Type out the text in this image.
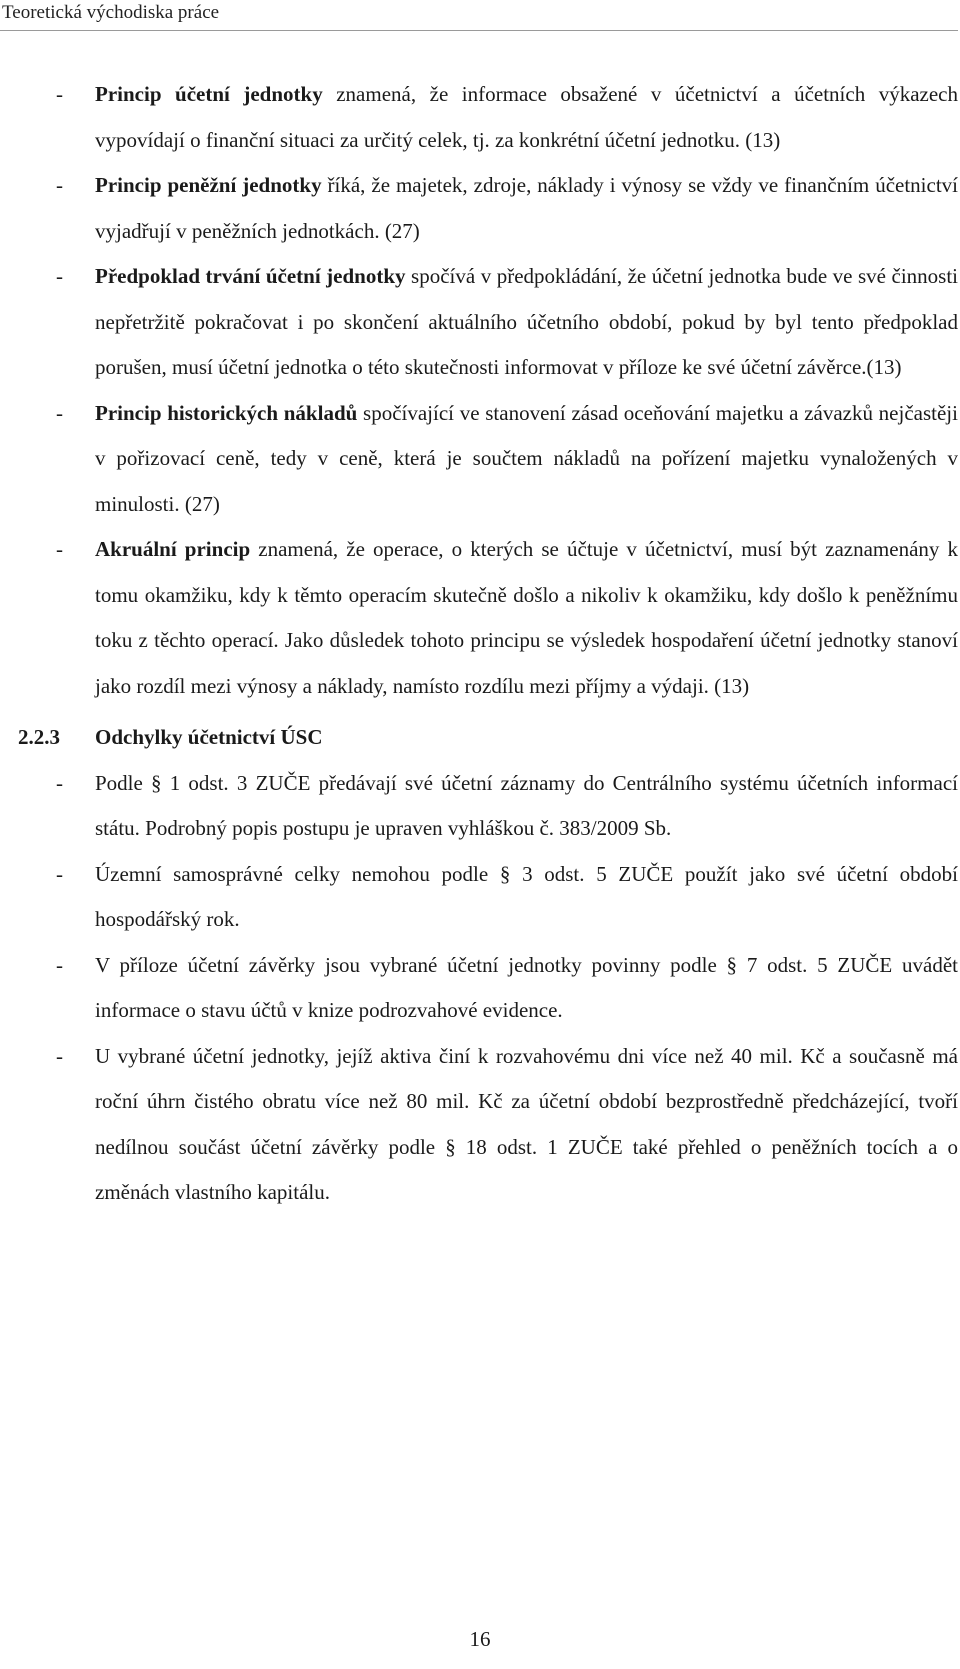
Teoretická východiska práce
- Princip účetní jednotky znamená, že informace obsažené v účetnictví a účetních výkazech vypovídají o finanční situaci za určitý celek, tj. za konkrétní účetní jednotku. (13)
- Princip peněžní jednotky říká, že majetek, zdroje, náklady i výnosy se vždy ve finančním účetnictví vyjadřují v peněžních jednotkách. (27)
- Předpoklad trvání účetní jednotky spočívá v předpokládání, že účetní jednotka bude ve své činnosti nepřetržitě pokračovat i po skončení aktuálního účetního období, pokud by byl tento předpoklad porušen, musí účetní jednotka o této skutečnosti informovat v příloze ke své účetní závěrce.(13)
- Princip historických nákladů spočívající ve stanovení zásad oceňování majetku a závazků nejčastěji v pořizovací ceně, tedy v ceně, která je součtem nákladů na pořízení majetku vynaložených v minulosti. (27)
- Akruální princip znamená, že operace, o kterých se účtuje v účetnictví, musí být zaznamenány k tomu okamžiku, kdy k těmto operacím skutečně došlo a nikoliv k okamžiku, kdy došlo k peněžnímu toku z těchto operací. Jako důsledek tohoto principu se výsledek hospodaření účetní jednotky stanoví jako rozdíl mezi výnosy a náklady, namísto rozdílu mezi příjmy a výdaji. (13)
2.2.3 Odchylky účetnictví ÚSC
- Podle § 1 odst. 3 ZUČE předávají své účetní záznamy do Centrálního systému účetních informací státu. Podrobný popis postupu je upraven vyhláškou č. 383/2009 Sb.
- Územní samosprávné celky nemohou podle § 3 odst. 5 ZUČE použít jako své účetní období hospodářský rok.
- V příloze účetní závěrky jsou vybrané účetní jednotky povinny podle § 7 odst. 5 ZUČE uvádět informace o stavu účtů v knize podrozvahové evidence.
- U vybrané účetní jednotky, jejíž aktiva činí k rozvahovému dni více než 40 mil. Kč a současně má roční úhrn čistého obratu více než 80 mil. Kč za účetní období bezprostředně předcházející, tvoří nedílnou součást účetní závěrky podle § 18 odst. 1 ZUČE také přehled o peněžních tocích a o změnách vlastního kapitálu.
16
